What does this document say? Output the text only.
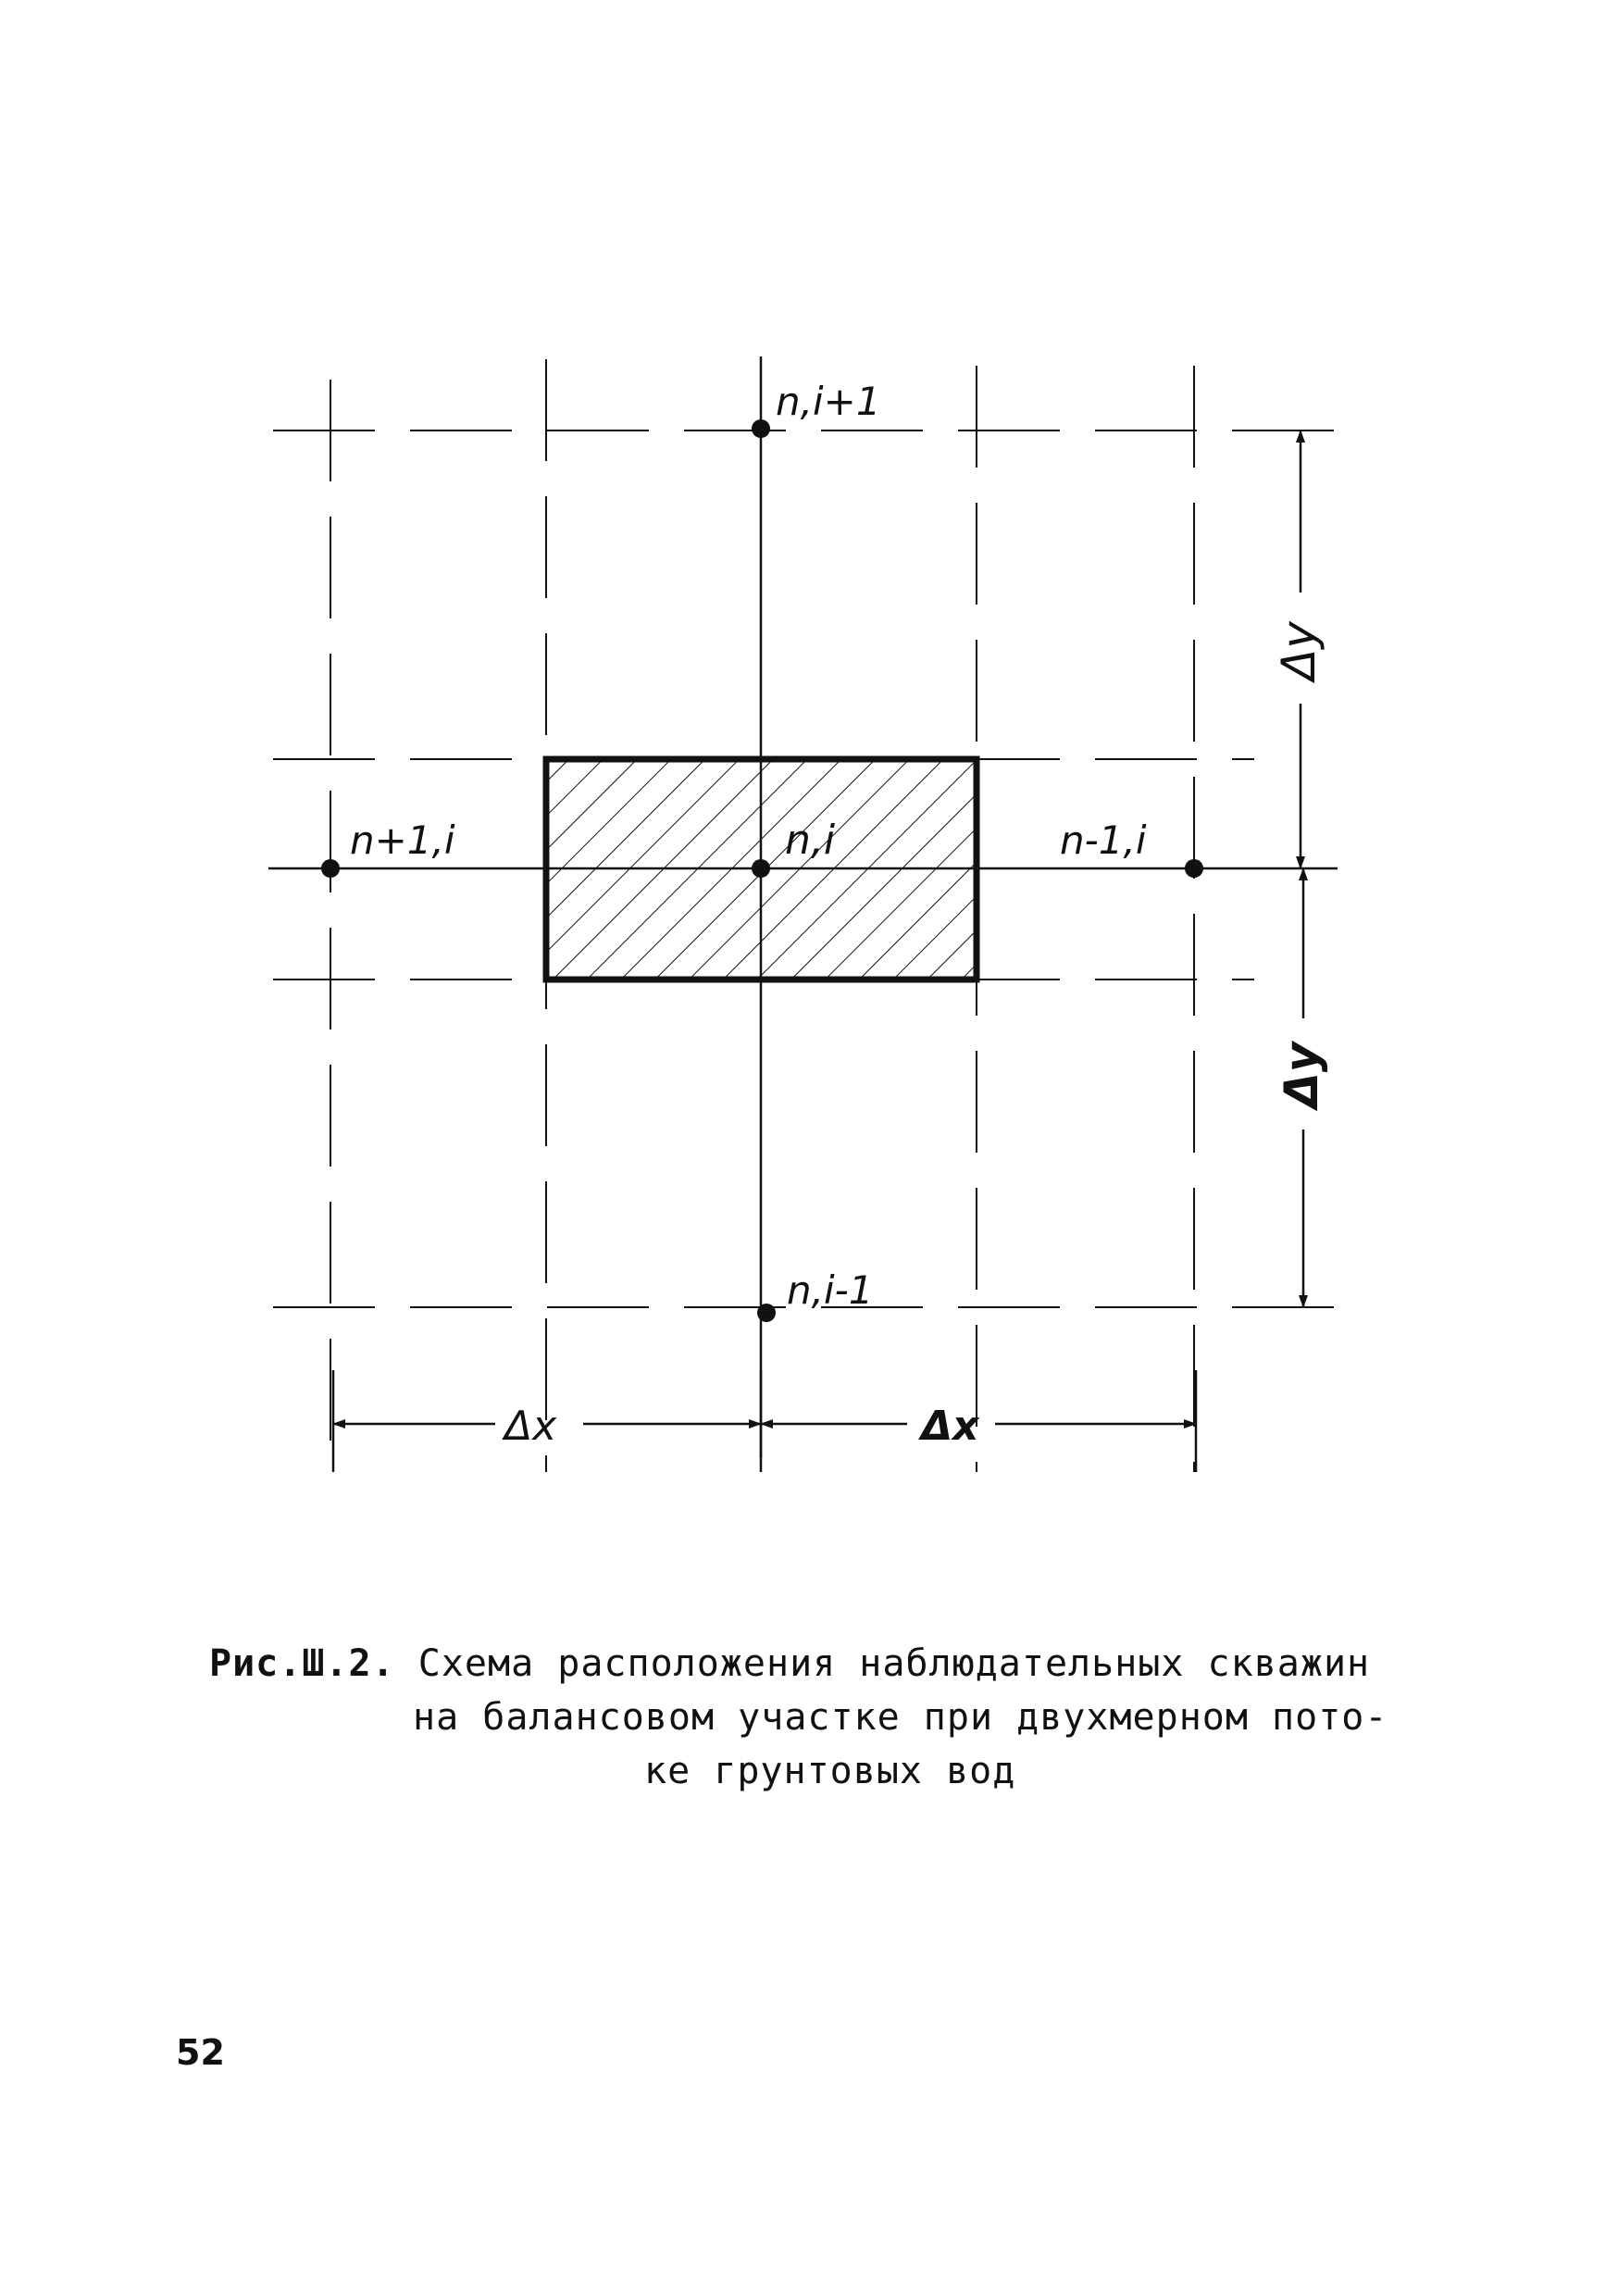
n,i
n,i+1
n,i-1
n+1,i	n-1,i
Δy
Δy
Δx	Δx
Рис.Ш.2. Схема расположения наблюдательных скважин
на балансовом участке при двухмерном пото-
ке грунтовых вод
52
